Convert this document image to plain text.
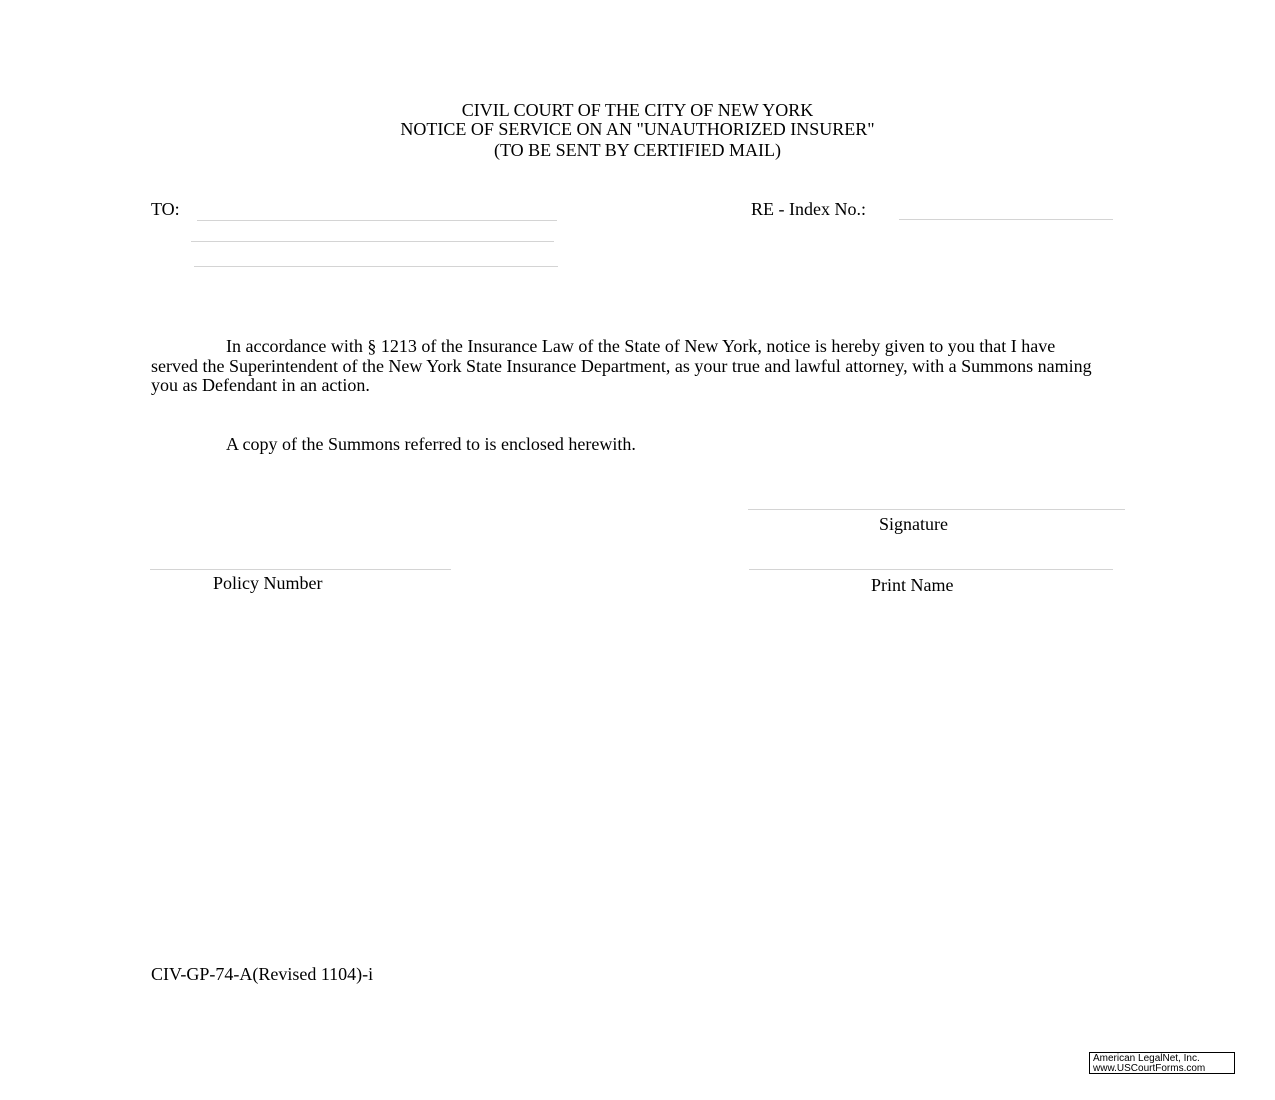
CIVIL COURT OF THE CITY OF NEW YORK
NOTICE OF SERVICE ON AN "UNAUTHORIZED INSURER"
(TO BE SENT BY CERTIFIED MAIL)
TO:	RE - Index No.:
In accordance with § 1213 of the Insurance Law of the State of New York, notice is hereby given to you that I have served the Superintendent of the New York State Insurance Department, as your true and lawful attorney, with a Summons naming you as Defendant in an action.
A copy of the Summons referred to is enclosed herewith.
Signature
Policy Number	Print Name
CIV-GP-74-A(Revised 1104)-i
American LegalNet, Inc.
www.USCourtForms.com
